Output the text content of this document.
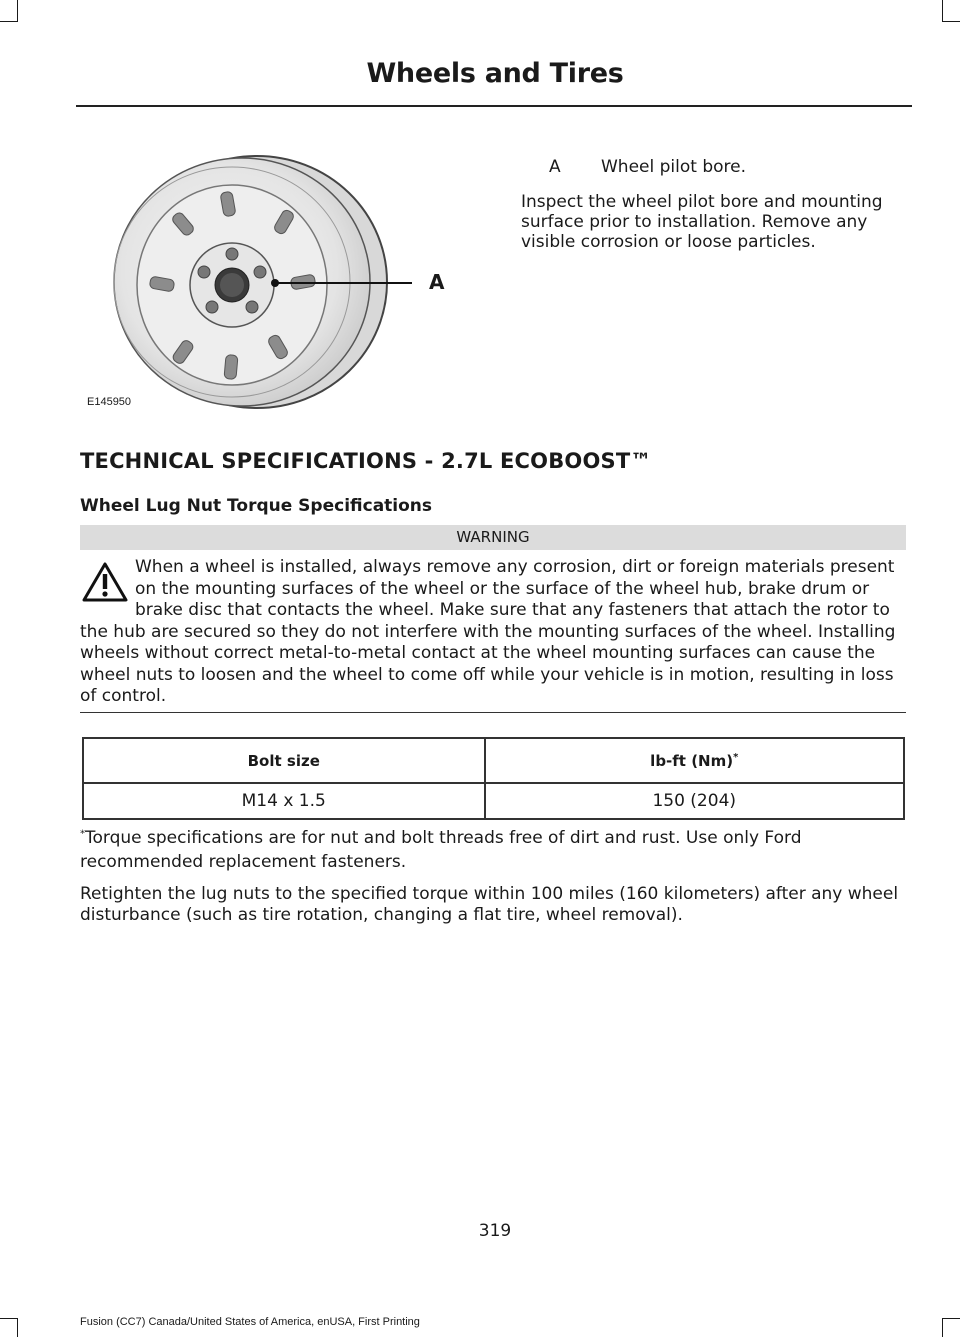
Wheels and Tires
A
E145950
A Wheel pilot bore.

Inspect the wheel pilot bore and mounting surface prior to installation. Remove any visible corrosion or loose particles.

TECHNICAL SPECIFICATIONS - 2.7L ECOBOOST™
Wheel Lug Nut Torque Specifications
WARNING

When a wheel is installed, always remove any corrosion, dirt or foreign materials present on the mounting surfaces of the wheel or the surface of the wheel hub, brake drum or brake disc that contacts the wheel. Make sure that any fasteners that attach the rotor to the hub are secured so they do not interfere with the mounting surfaces of the wheel. Installing wheels without correct metal-to-metal contact at the wheel mounting surfaces can cause the wheel nuts to loosen and the wheel to come off while your vehicle is in motion, resulting in loss of control.

Bolt size	lb-ft (Nm)*
M14 x 1.5	150 (204)

*Torque specifications are for nut and bolt threads free of dirt and rust. Use only Ford recommended replacement fasteners.

Retighten the lug nuts to the specified torque within 100 miles (160 kilometers) after any wheel disturbance (such as tire rotation, changing a flat tire, wheel removal).

319
Fusion (CC7) Canada/United States of America, enUSA, First Printing
